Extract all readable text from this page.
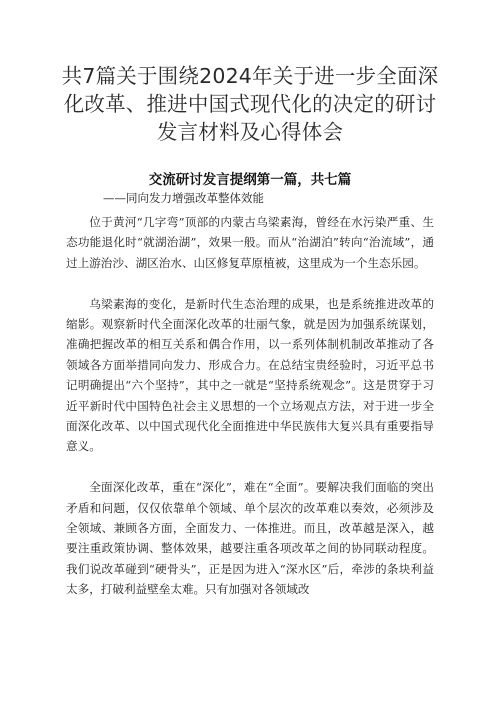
共7篇关于围绕2024年关于进一步全面深化改革、推进中国式现代化的决定的研讨发言材料及心得体会
交流研讨发言提纲第一篇，共七篇
——同向发力增强改革整体效能

位于黄河“几字弯”顶部的内蒙古乌梁素海，曾经在水污染严重、生态功能退化时“就湖治湖”，效果一般。而从“治湖泊”转向“治流域”，通过上游治沙、湖区治水、山区修复草原植被，这里成为一个生态乐园。

乌梁素海的变化，是新时代生态治理的成果，也是系统推进改革的缩影。观察新时代全面深化改革的壮丽气象，就是因为加强系统谋划，准确把握改革的相互关系和偶合作用，以一系列体制机制改革推动了各领域各方面举措同向发力、形成合力。在总结宝贵经验时，习近平总书记明确提出“六个坚持”，其中之一就是“坚持系统观念”。这是贯穿于习近平新时代中国特色社会主义思想的一个立场观点方法，对于进一步全面深化改革、以中国式现代化全面推进中华民族伟大复兴具有重要指导意义。

全面深化改革，重在“深化”，难在“全面”。要解决我们面临的突出矛盾和问题，仅仅依靠单个领域、单个层次的改革难以奏效，必须涉及全领域、兼顾各方面，全面发力、一体推进。而且，改革越是深入，越要注重政策协调、整体效果，越要注重各项改革之间的协同联动程度。我们说改革碰到“硬骨头”，正是因为进入“深水区”后，牵涉的条块利益太多，打破利益壁垒太难。只有加强对各领域改
